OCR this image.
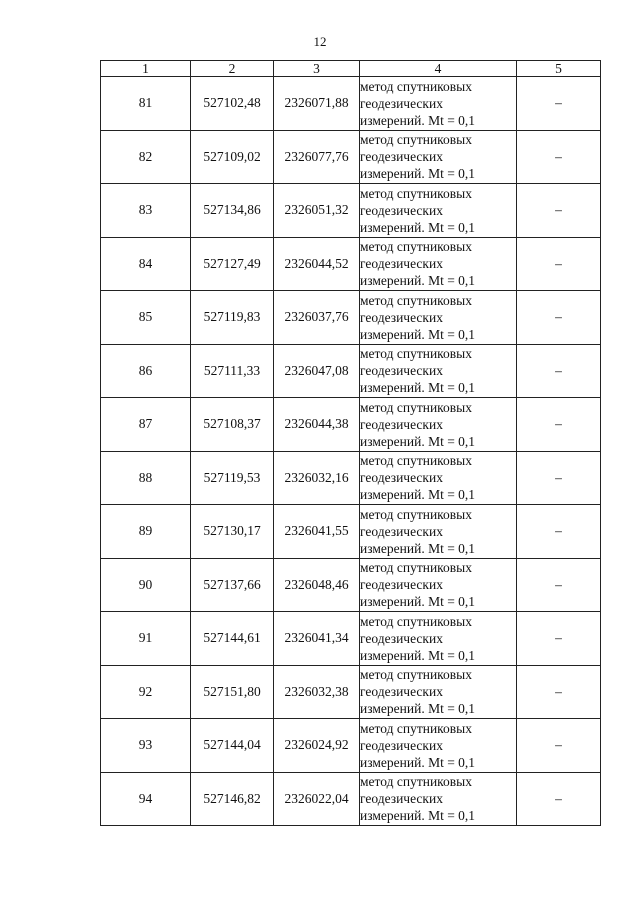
12
1	2	3	4	5
81	527102,48	2326071,88	метод спутниковых
геодезических
измерений. Mt = 0,1	–
82	527109,02	2326077,76	метод спутниковых
геодезических
измерений. Mt = 0,1	–
83	527134,86	2326051,32	метод спутниковых
геодезических
измерений. Mt = 0,1	–
84	527127,49	2326044,52	метод спутниковых
геодезических
измерений. Mt = 0,1	–
85	527119,83	2326037,76	метод спутниковых
геодезических
измерений. Mt = 0,1	–
86	527111,33	2326047,08	метод спутниковых
геодезических
измерений. Mt = 0,1	–
87	527108,37	2326044,38	метод спутниковых
геодезических
измерений. Mt = 0,1	–
88	527119,53	2326032,16	метод спутниковых
геодезических
измерений. Mt = 0,1	–
89	527130,17	2326041,55	метод спутниковых
геодезических
измерений. Mt = 0,1	–
90	527137,66	2326048,46	метод спутниковых
геодезических
измерений. Mt = 0,1	–
91	527144,61	2326041,34	метод спутниковых
геодезических
измерений. Mt = 0,1	–
92	527151,80	2326032,38	метод спутниковых
геодезических
измерений. Mt = 0,1	–
93	527144,04	2326024,92	метод спутниковых
геодезических
измерений. Mt = 0,1	–
94	527146,82	2326022,04	метод спутниковых
геодезических
измерений. Mt = 0,1	–
